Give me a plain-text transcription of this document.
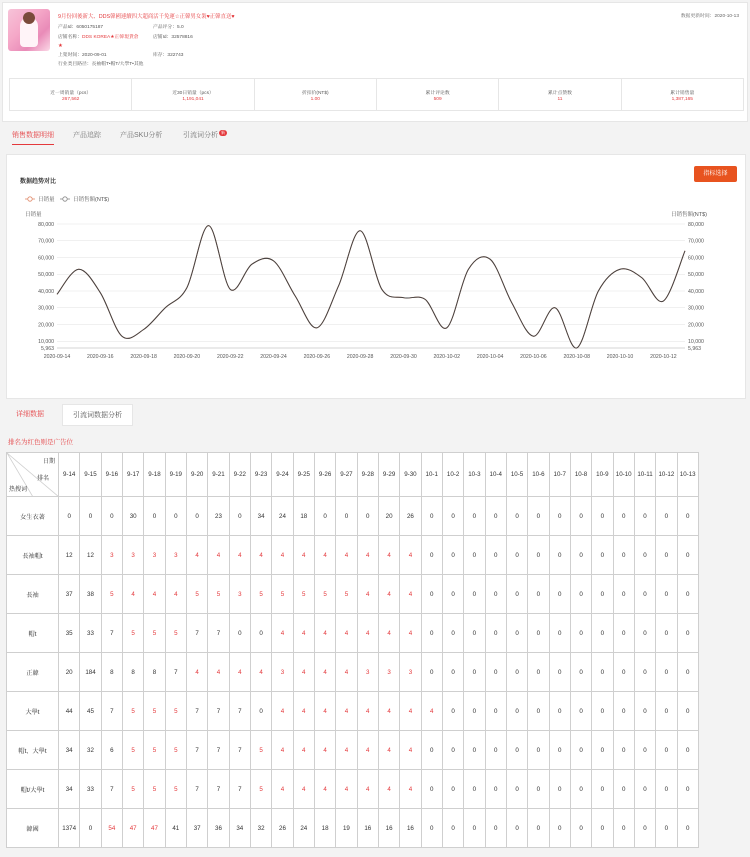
9月份回後新大、DDS韓國連續四大超商活千免運☆正韓男女裝♥正韓直送♥
★
产品Id：6050175187	产品评分：5.0
店铺名称：DDS KOREA★正韓現貨倉	店铺Id：32578816
上架时间：2020-09-01	库存：322743
行业类目路径：長袖帽T•帽T/大學T•其他
数据更新时间：2020-10-13
近一周销量（pcs）
267,562
近30日销量（pcs）
1,191,041
折扣价(NT$)
1.00
累计评论数
509
累计点赞数
11
累计销售量
1,387,165
销售数据明细	产品追踪	产品SKU分析	引流词分析 新
数据趋势对比
指标选择
日销量	日销售額(NT$)
日销量	日销售額(NT$)
80,000	80,000
70,000	70,000
60,000	60,000
50,000	50,000
40,000	40,000
30,000	30,000
20,000	20,000
10,000	10,000
5,963	5,963
2020-09-14	2020-09-16	2020-09-18	2020-09-20	2020-09-22	2020-09-24	2020-09-26	2020-09-28	2020-09-30	2020-10-02	2020-10-04	2020-10-06	2020-10-08	2020-10-10	2020-10-12
详细数据	引流词数据分析
排名为红色则是广告位
日期
排名
热搜词	9-14	9-15	9-16	9-17	9-18	9-19	9-20	9-21	9-22	9-23	9-24	9-25	9-26	9-27	9-28	9-29	9-30	10-1	10-2	10-3	10-4	10-5	10-6	10-7	10-8	10-9	10-10	10-11	10-12	10-13
女生衣著	0	0	0	30	0	0	0	23	0	34	24	18	0	0	0	20	26	0	0	0	0	0	0	0	0	0	0	0	0	0
長袖帽t	12	12	3	3	3	3	4	4	4	4	4	4	4	4	4	4	4	0	0	0	0	0	0	0	0	0	0	0	0	0
長袖	37	38	5	4	4	4	5	5	3	5	5	5	5	5	4	4	4	0	0	0	0	0	0	0	0	0	0	0	0	0
帽t	35	33	7	5	5	5	7	7	0	0	4	4	4	4	4	4	4	0	0	0	0	0	0	0	0	0	0	0	0	0
正韓	20	184	8	8	8	7	4	4	4	4	3	4	4	4	3	3	3	0	0	0	0	0	0	0	0	0	0	0	0	0
大學t	44	45	7	5	5	5	7	7	7	0	4	4	4	4	4	4	4	4	0	0	0	0	0	0	0	0	0	0	0	0
帽t、大學t	34	32	6	5	5	5	7	7	7	5	4	4	4	4	4	4	4	0	0	0	0	0	0	0	0	0	0	0	0	0
帽t/大學t	34	33	7	5	5	5	7	7	7	5	4	4	4	4	4	4	4	0	0	0	0	0	0	0	0	0	0	0	0	0
韓國	1374	0	54	47	47	41	37	36	34	32	26	24	18	19	16	16	16	0	0	0	0	0	0	0	0	0	0	0	0	0
